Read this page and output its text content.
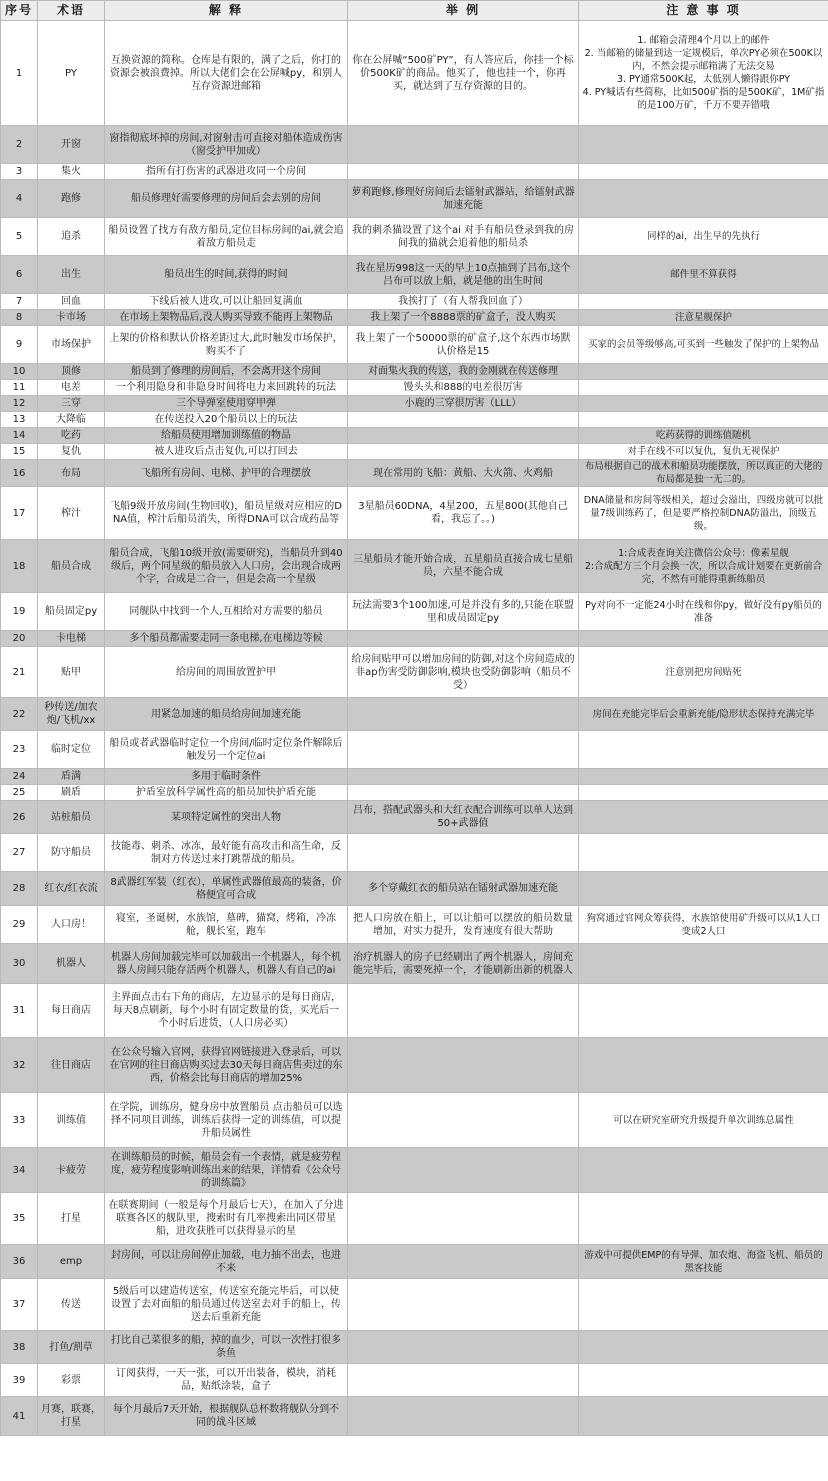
序号	术语	解 释	举 例	注 意 事 项
1	PY	互换资源的简称。仓库是有限的，满了之后，你打的资源会被浪费掉。所以大佬们会在公屏喊py，和别人互存资源进邮箱	你在公屏喊“500矿PY”，有人答应后，你挂一个标价500K矿的商品。他买了，他也挂一个，你再买，就达到了互存资源的目的。	1. 邮箱会清理4个月以上的邮件
2. 当邮箱的储量到达一定规模后，单次PY必须在500K以内，不然会提示邮箱满了无法交易
3. PY通常500K起，太低别人懒得跟你PY
4. PY喊话有些简称，比如500矿指的是500K矿，1M矿指的是100万矿，千万不要弄错哦
2	开窗	窗指彻底坏掉的房间,对窗射击可直接对船体造成伤害（窗受护甲加成）		
3	集火	指所有打伤害的武器进攻同一个房间		
4	跑修	船员修理好需要修理的房间后会去别的房间	萝莉跑修,修理好房间后去镭射武器站，给镭射武器加速充能	
5	追杀	船员设置了找方有敌方船员,定位目标房间的ai,就会追着敌方船员走	我的刺杀猫设置了这个ai 对手有船员登录到我的房间我的猫就会追着他的船员杀	同样的ai，出生早的先执行
6	出生	船员出生的时间,获得的时间	我在星历998这一天的早上10点抽到了吕布,这个吕布可以放上船，就是他的出生时间	邮件里不算获得
7	回血	下线后被人进攻,可以让船回复满血	我挨打了（有人帮我回血了）	
8	卡市场	在市场上架物品后,没人购买导致不能再上架物品	我上架了一个8888票的矿盒子，没人购买	注意星舰保护
9	市场保护	上架的价格和默认价格差距过大,此时触发市场保护，购买不了	我上架了一个50000票的矿盒子,这个东西市场默认价格是15	买家的会员等级够高,可买到一些触发了保护的上架物品
10	顶修	船员到了修理的房间后，不会离开这个房间	对面集火我的传送，我的金刚就在传送修理	
11	电差	一个利用隐身和非隐身时间将电力来回跳转的玩法	馒头头和888的电差很厉害	
12	三穿	三个导弹室使用穿甲弹	小鹿的三穿很厉害（LLL）	
13	大降临	在传送投入20个船员以上的玩法		
14	吃药	给船员使用增加训练值的物品		吃药获得的训练值随机
15	复仇	被人进攻后点击复仇,可以打回去		对手在线不可以复仇，复仇无视保护
16	布局	飞船所有房间、电梯、护甲的合理摆放	现在常用的飞船：黄船、大火箭、火鸡船	布局根据自己的战术和船员功能摆放，所以真正的大佬的布局都是独一无二的。
17	榨汁	飞船9级开放房间(生物回收)，船员星级对应相应的DNA值，榨汁后船员消失，所得DNA可以合成药品等	3星船员60DNA，4星200，五星800(其他自己看，我忘了。。)	DNA储量和房间等级相关，超过会溢出，四级房就可以批量7级训练药了，但是要严格控制DNA防溢出，顶级五级。
18	船员合成	船员合成，飞船10级开放(需要研究)，当船员升到40级后，两个同星级的船员放入人口房，会出现合成两个字，合成是二合一，但是会高一个星级	三星船员才能开始合成，五星船员直接合成七星船员，六星不能合成	1:合成表查询关注微信公众号：像素星舰
2:合成配方三个月会换一次，所以合成计划要在更新前合完，不然有可能得重新练船员
19	船员固定py	同舰队中找到一个人,互相给对方需要的船员	玩法需要3个100加速,可是并没有多的,只能在联盟里和成员固定py	Py对向不一定能24小时在线和你py，做好没有py船员的准备
20	卡电梯	多个船员都需要走同一条电梯,在电梯边等候		
21	贴甲	给房间的周围放置护甲	给房间贴甲可以增加房间的防御,对这个房间造成的非ap伤害受防御影响,模块也受防御影响（船员不受）	注意别把房间贴死
22	秒传送/加农炮/飞机/xx	用紧急加速的船员给房间加速充能		房间在充能完毕后会重新充能/隐形状态保持充满完毕
23	临时定位	船员或者武器临时定位一个房间/临时定位条件解除后触发另一个定位ai		
24	盾满	多用于临时条件		
25	刷盾	护盾室放科学属性高的船员加快护盾充能		
26	站桩船员	某项特定属性的突出人物	吕布，搭配武器头和大红衣配合训练可以单人达到50+武器值	
27	防守船员	技能毒、刺杀、冰冻，最好能有高攻击和高生命，反制对方传送过来打跳帮战的船员。		
28	红衣/红衣流	8武器红军装（红衣），单属性武器值最高的装备，价格便宜可合成	多个穿戴红衣的船员站在镭射武器加速充能	
29	人口房！	寝室，圣诞树，水族馆，墓碑，猫窝，烤箱，冷冻舱，舰长室，跑车	把人口房放在船上，可以让船可以摆放的船员数量增加，对实力提升，发育速度有很大帮助	狗窝通过官网众筹获得，水族馆使用矿升级可以从1人口变成2人口
30	机器人	机器人房间加载完毕可以加载出一个机器人，每个机器人房间只能存活两个机器人，机器人有自己的ai	治疗机器人的房子已经刷出了两个机器人，房间充能完毕后，需要死掉一个，才能刷新出新的机器人	
31	每日商店	主界面点击右下角的商店，左边显示的是每日商店，每天8点刷新，每个小时有固定数量的货，买光后一个小时后进货，（人口房必买）		
32	往日商店	在公众号输入官网，获得官网链接进入登录后，可以在官网的往日商店购买过去30天每日商店售卖过的东西，价格会比每日商店的增加25%		
33	训练值	在学院，训练房，健身房中放置船员 点击船员可以选择不同项目训练，训练后获得一定的训练值，可以提升船员属性		可以在研究室研究升级提升单次训练总属性
34	卡疲劳	在训练船员的时候，船员会有一个表情，就是疲劳程度，疲劳程度影响训练出来的结果，详情看《公众号的训练篇》		
35	打星	在联赛期间（一般是每个月最后七天），在加入了分进联赛各区的舰队里，搜索时有几率搜索出同区带星船，进攻获胜可以获得显示的星		
36	emp	封房间，可以让房间停止加载，电力抽不出去，也进不来		游戏中可提供EMP的有导弹、加农炮、海盗飞机、船员的黑客技能
37	传送	5级后可以建造传送室，传送室充能完毕后，可以使设置了去对面船的船员通过传送室去对手的船上，传送去后重新充能		
38	打鱼/割草	打比自己菜很多的船，掉的血少，可以一次性打很多条鱼		
39	彩票	订阅获得，一天一张，可以开出装备，模块，消耗品，贴纸涂装，盒子		
41	月赛，联赛，打星	每个月最后7天开始，根据舰队总杯数将舰队分到不同的战斗区域		
